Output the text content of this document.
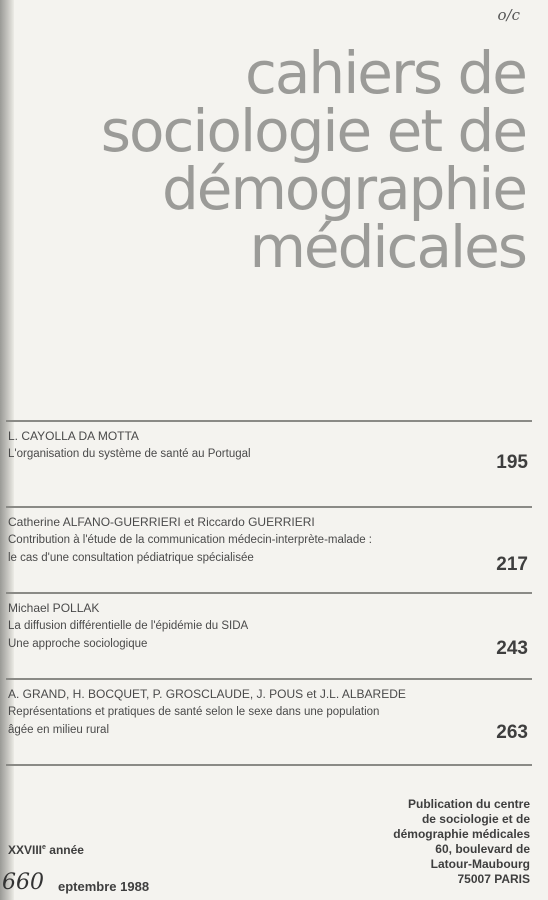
o/c
cahiers de
sociologie et de
démographie
médicales
L. CAYOLLA DA MOTTA
L'organisation du système de santé au Portugal	195
Catherine ALFANO-GUERRIERI et Riccardo GUERRIERI
Contribution à l'étude de la communication médecin-interprète-malade :
le cas d'une consultation pédiatrique spécialisée	217
Michael POLLAK
La diffusion différentielle de l'épidémie du SIDA
Une approche sociologique	243
A. GRAND, H. BOCQUET, P. GROSCLAUDE, J. POUS et J.L. ALBAREDE
Représentations et pratiques de santé selon le sexe dans une population
âgée en milieu rural	263
Publication du centre
de sociologie et de
démographie médicales
60, boulevard de
Latour-Maubourg
75007 PARIS
XXVIIIe année
660 eptembre 1988
